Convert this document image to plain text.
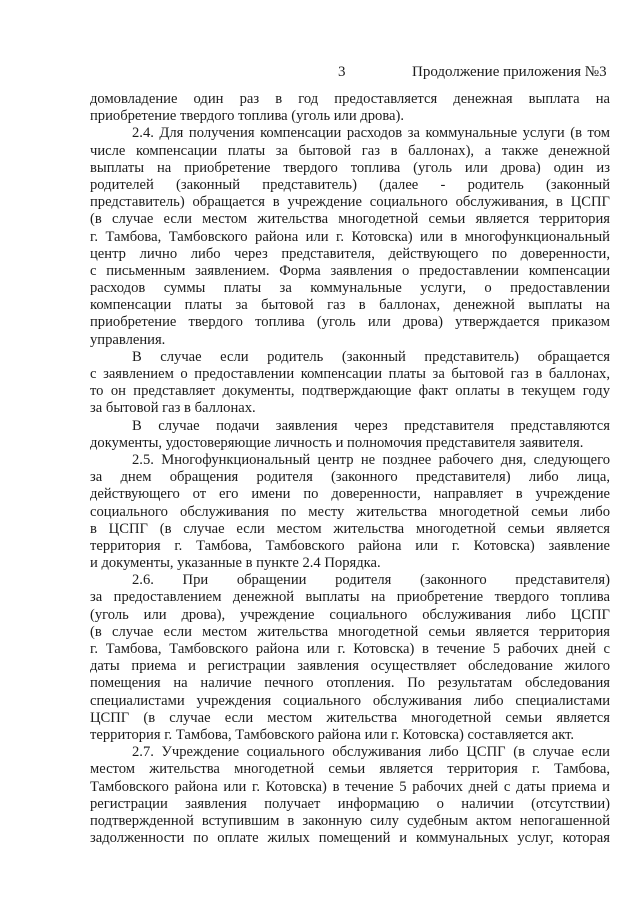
3	Продолжение приложения №3
домовладение один раз в год предоставляется денежная выплата на
приобретение твердого топлива (уголь или дрова).
2.4. Для получения компенсации расходов за коммунальные услуги (в том
числе компенсации платы за бытовой газ в баллонах), а также денежной
выплаты на приобретение твердого топлива (уголь или дрова) один из
родителей (законный представитель) (далее - родитель (законный
представитель) обращается в учреждение социального обслуживания, в ЦСПГ
(в случае если местом жительства многодетной семьи является территория
г. Тамбова, Тамбовского района или г. Котовска) или в многофункциональный
центр лично либо через представителя, действующего по доверенности,
с письменным заявлением. Форма заявления о предоставлении компенсации
расходов суммы платы за коммунальные услуги, о предоставлении
компенсации платы за бытовой газ в баллонах, денежной выплаты на
приобретение твердого топлива (уголь или дрова) утверждается приказом
управления.
В случае если родитель (законный представитель) обращается
с заявлением о предоставлении компенсации платы за бытовой газ в баллонах,
то он представляет документы, подтверждающие факт оплаты в текущем году
за бытовой газ в баллонах.
В случае подачи заявления через представителя представляются
документы, удостоверяющие личность и полномочия представителя заявителя.
2.5. Многофункциональный центр не позднее рабочего дня, следующего
за днем обращения родителя (законного представителя) либо лица,
действующего от его имени по доверенности, направляет в учреждение
социального обслуживания по месту жительства многодетной семьи либо
в ЦСПГ (в случае если местом жительства многодетной семьи является
территория г. Тамбова, Тамбовского района или г. Котовска) заявление
и документы, указанные в пункте 2.4 Порядка.
2.6. При обращении родителя (законного представителя)
за предоставлением денежной выплаты на приобретение твердого топлива
(уголь или дрова), учреждение социального обслуживания либо ЦСПГ
(в случае если местом жительства многодетной семьи является территория
г. Тамбова, Тамбовского района или г. Котовска) в течение 5 рабочих дней с
даты приема и регистрации заявления осуществляет обследование жилого
помещения на наличие печного отопления. По результатам обследования
специалистами учреждения социального обслуживания либо специалистами
ЦСПГ (в случае если местом жительства многодетной семьи является
территория г. Тамбова, Тамбовского района или г. Котовска) составляется акт.
2.7. Учреждение социального обслуживания либо ЦСПГ (в случае если
местом жительства многодетной семьи является территория г. Тамбова,
Тамбовского района или г. Котовска) в течение 5 рабочих дней с даты приема и
регистрации заявления получает информацию о наличии (отсутствии)
подтвержденной вступившим в законную силу судебным актом непогашенной
задолженности по оплате жилых помещений и коммунальных услуг, которая
